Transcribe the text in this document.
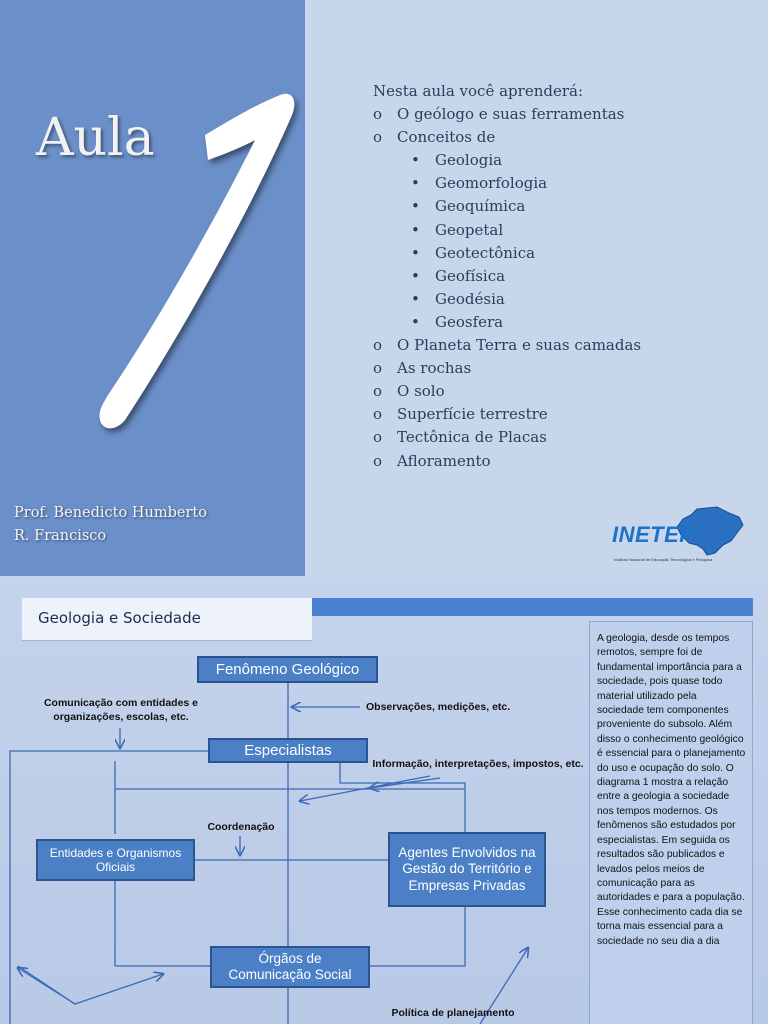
Aula
Prof. Benedicto Humberto
R. Francisco
Nesta aula você aprenderá:
o O geólogo e suas ferramentas
o Conceitos de
• Geologia
• Geomorfologia
• Geoquímica
• Geopetal
• Geotectônica
• Geofísica
• Geodésia
• Geosfera
o O Planeta Terra e suas camadas
o As rochas
o O solo
o Superfície terrestre
o Tectônica de Placas
o Afloramento
INETEP
Instituto Nacional de Educação Tecnológica e Pesquisa
Geologia e Sociedade
A geologia, desde os tempos remotos, sempre foi de fundamental importância para a sociedade, pois quase todo material utilizado pela sociedade tem componentes proveniente do subsolo. Além disso o conhecimento geológico é essencial para o planejamento do uso e ocupação do solo. O diagrama 1 mostra a relação entre a geologia a sociedade nos tempos modernos. Os fenômenos são estudados por especialistas. Em seguida os resultados são publicados e levados pelos meios de comunicação para as autoridades e para a população. Esse conhecimento cada dia se torna mais essencial para a sociedade no seu dia a dia
Fenômeno Geológico
Especialistas
Entidades e Organismos Oficiais
Agentes Envolvidos na Gestão do Território e Empresas Privadas
Órgãos de Comunicação Social
Comunicação com entidades e organizações, escolas, etc.
Observações, medições, etc.
Informação, interpretações, impostos, etc.
Coordenação
Política de planejamento
